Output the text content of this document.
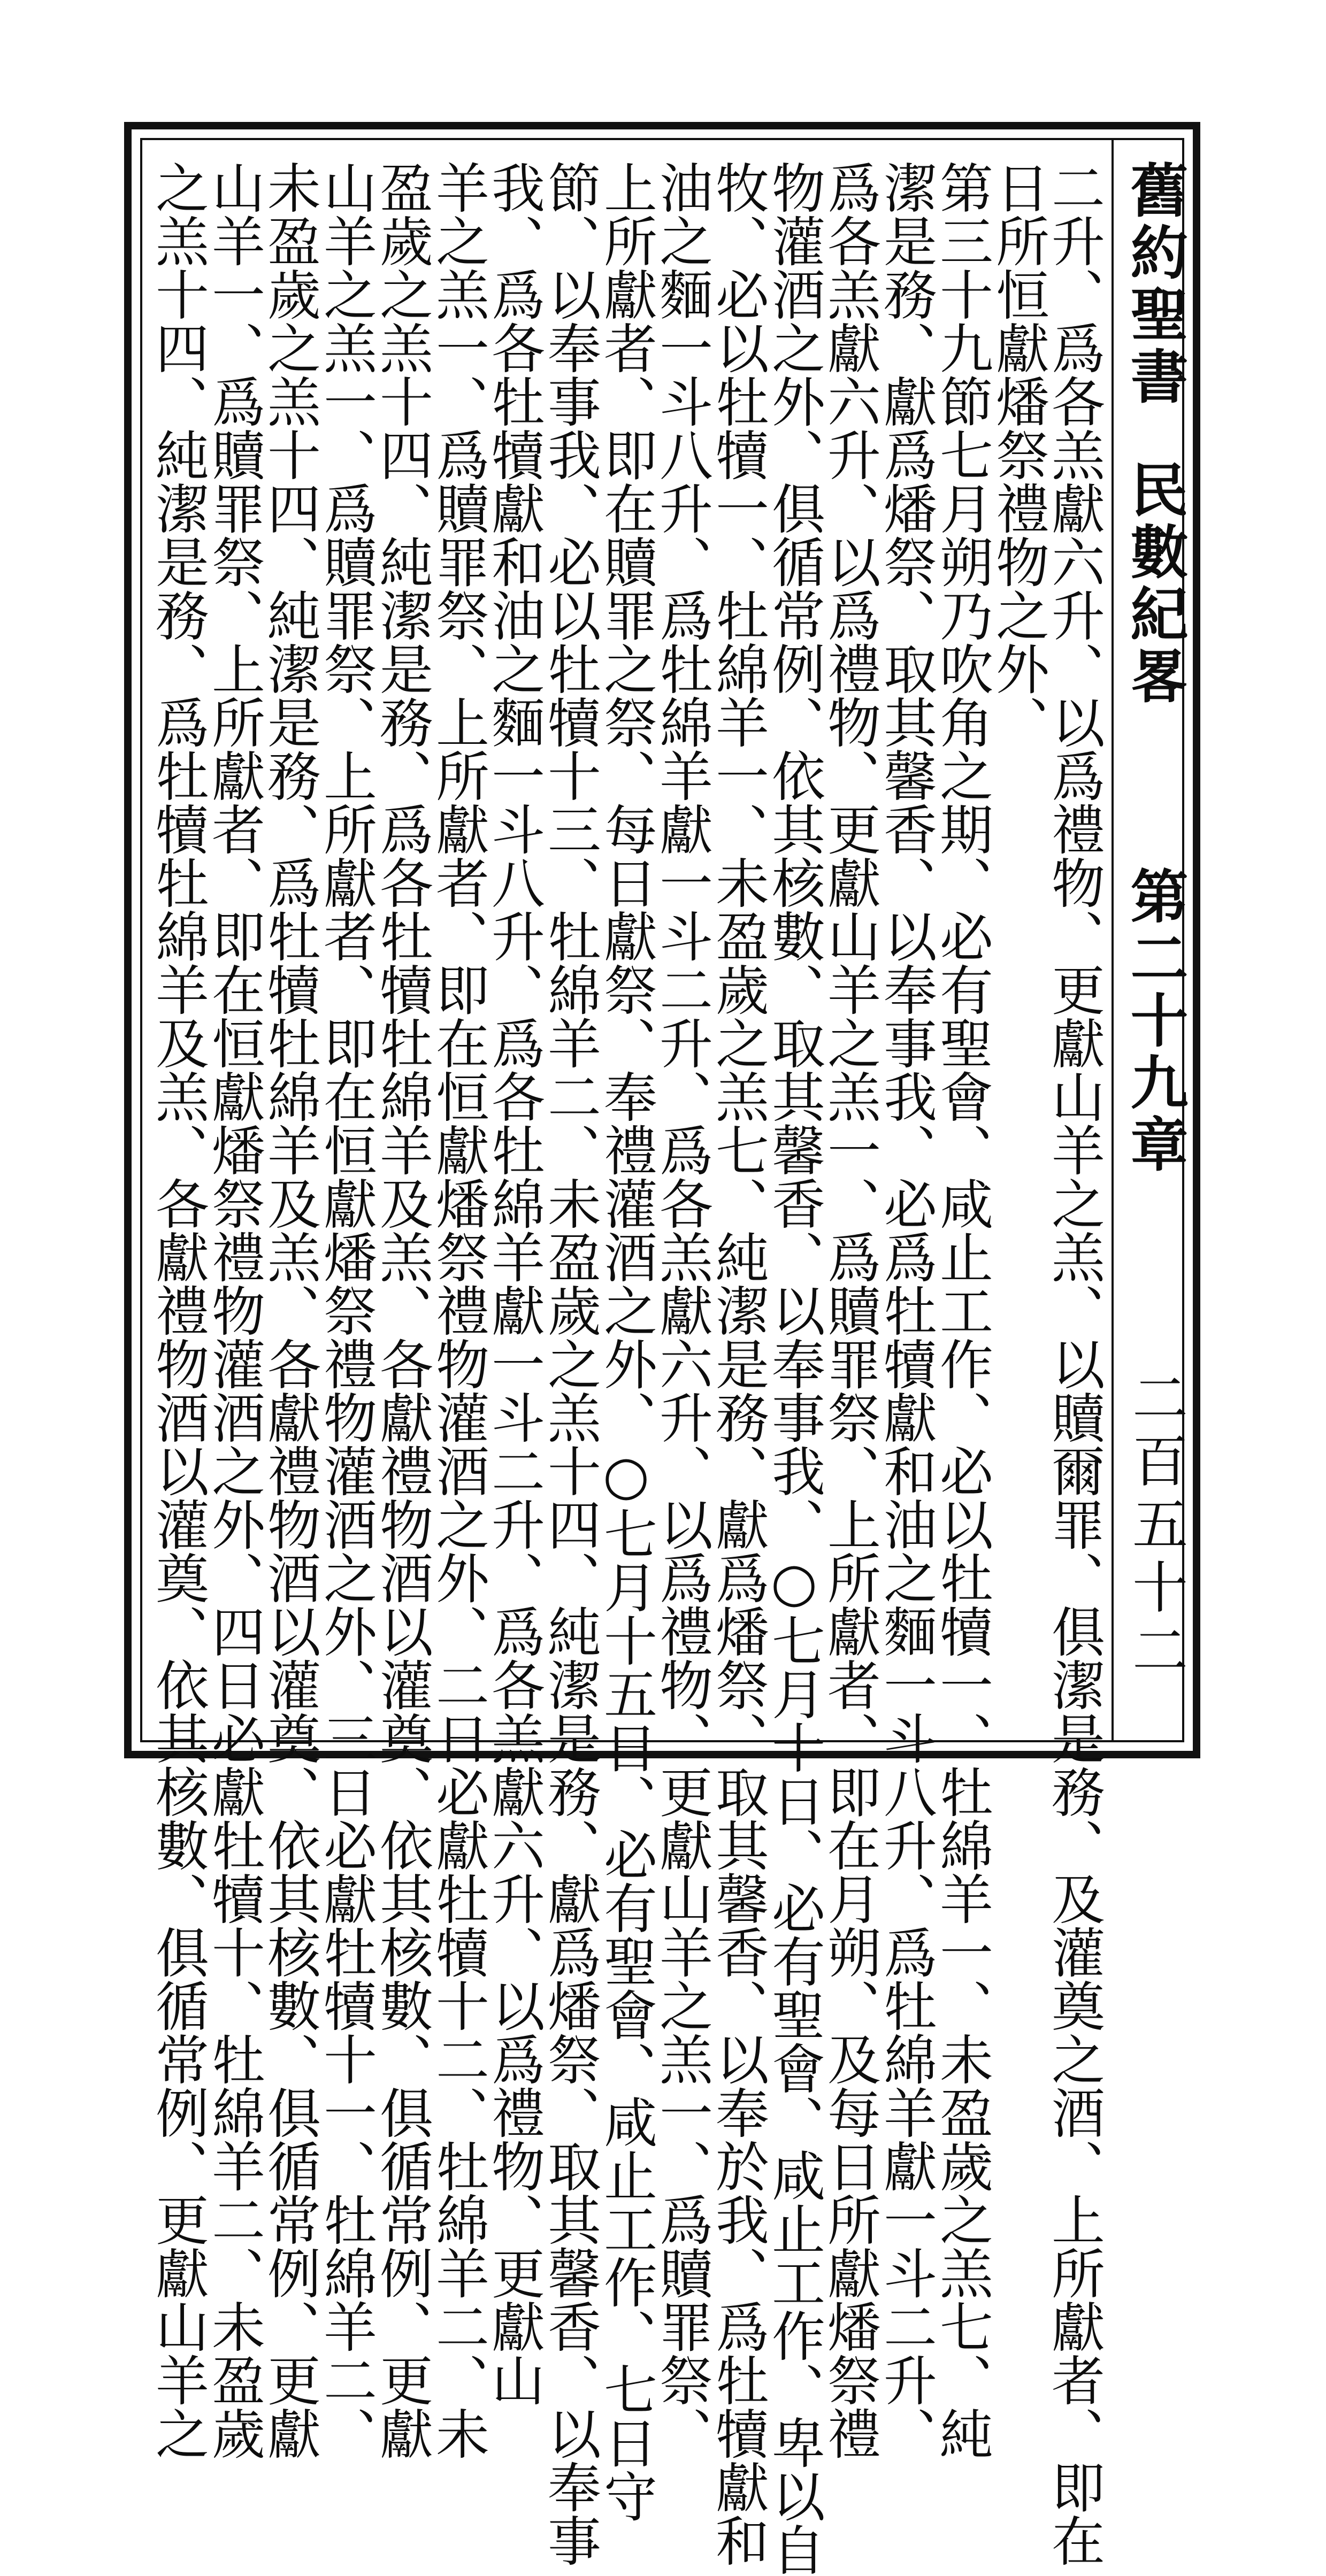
舊約聖書
民數紀畧
第二十九章
二百五十二
二升、爲各羔獻六升、以爲禮物、更獻山羊之羔、以贖爾罪、俱潔是務、及灌奠之酒、上所獻者、即在
日所恒獻燔祭禮物之外、
第三十九節七月朔乃吹角之期、必有聖會、咸止工作、必以牡犢一、牡綿羊一、未盈歲之羔七、純
潔是務、獻爲燔祭、取其馨香、以奉事我、必爲牡犢獻和油之麵一斗八升、爲牡綿羊獻一斗二升、
爲各羔獻六升、以爲禮物、更獻山羊之羔一、爲贖罪祭、上所獻者、即在月朔、及每日所獻燔祭禮
物灌酒之外、俱循常例、依其核數、取其馨香、以奉事我、○七月十日、必有聖會、咸止工作、卑以自
牧、必以牡犢一、牡綿羊一、未盈歲之羔七、純潔是務、獻爲燔祭、取其馨香、以奉於我、爲牡犢獻和
油之麵一斗八升、爲牡綿羊獻一斗二升、爲各羔獻六升、以爲禮物、更獻山羊之羔一、爲贖罪祭、
上所獻者、即在贖罪之祭、每日獻祭、奉禮灌酒之外、○七月十五日、必有聖會、咸止工作、七日守
節、以奉事我、必以牡犢十三、牡綿羊二、未盈歲之羔十四、純潔是務、獻爲燔祭、取其馨香、以奉事
我、爲各牡犢獻和油之麵一斗八升、爲各牡綿羊獻一斗二升、爲各羔獻六升、以爲禮物、更獻山
羊之羔一、爲贖罪祭、上所獻者、即在恒獻燔祭禮物灌酒之外、二日必獻牡犢十二、牡綿羊二、未
盈歲之羔十四、純潔是務、爲各牡犢牡綿羊及羔、各獻禮物酒以灌奠、依其核數、俱循常例、更獻
山羊之羔一、爲贖罪祭、上所獻者、即在恒獻燔祭禮物灌酒之外、三日必獻牡犢十一、牡綿羊二、
未盈歲之羔十四、純潔是務、爲牡犢牡綿羊及羔、各獻禮物酒以灌奠、依其核數、俱循常例、更獻
山羊一、爲贖罪祭、上所獻者、即在恒獻燔祭禮物灌酒之外、四日必獻牡犢十、牡綿羊二、未盈歲
之羔十四、純潔是務、爲牡犢牡綿羊及羔、各獻禮物酒以灌奠、依其核數、俱循常例、更獻山羊之
